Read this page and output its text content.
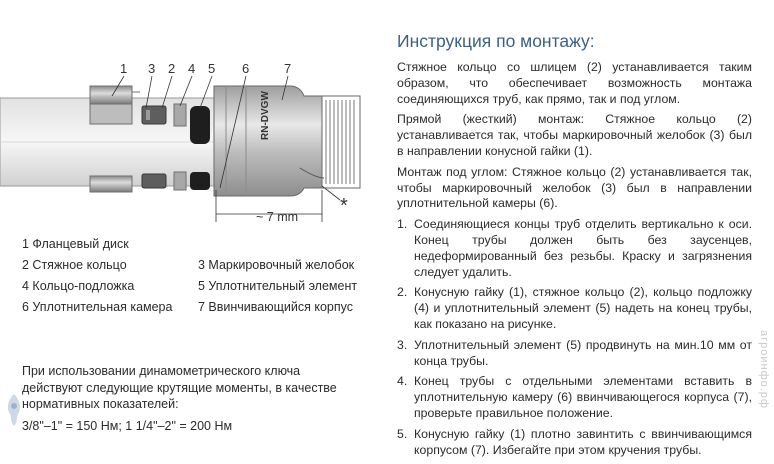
RN-DVGW
1 3 2 4 5 6	7
~ 7 mm *
1 Фланцевый диск
2 Стяжное кольцо	3 Маркировочный желобок
4 Кольцо-подложка	5 Уплотнительный элемент
6 Уплотнительная камера	7 Ввинчивающийся корпус
При использовании динамометрического ключа действуют следующие крутящие моменты, в качестве нормативных показателей:
3/8"–1" = 150 Нм; 1 1/4"–2" = 200 Нм
Инструкция по монтажу:

Стяжное кольцо со шлицем (2) устанавливается таким образом, что обеспечивает возможность монтажа соединяющихся труб, как прямо, так и под углом.

Прямой (жесткий) монтаж: Стяжное кольцо (2) устанавливается так, чтобы маркировочный желобок (3) был в направлении конусной гайки (1).

Монтаж под углом: Стяжное кольцо (2) устанавливается так, чтобы маркировочный желобок (3) был в направлении уплотнительной камеры (6).

1. Соединяющиеся концы труб отделить вертикально к оси. Конец трубы должен быть без заусенцев, недеформированный без резьбы. Краску и загрязнения следует удалить.
2. Конусную гайку (1), стяжное кольцо (2), кольцо подложку (4) и уплотнительный элемент (5) надеть на конец трубы, как показано на рисунке.
3. Уплотнительный элемент (5) продвинуть на мин.10 мм от конца трубы.
4. Конец трубы с отдельными элементами вставить в уплотнительную камеру (6) ввинчивающегося корпуса (7), проверьте правильное положение.
5. Конусную гайку (1) плотно завинтить с ввинчивающимся корпусом (7). Избегайте при этом кручения трубы.
агроинфо.рф
